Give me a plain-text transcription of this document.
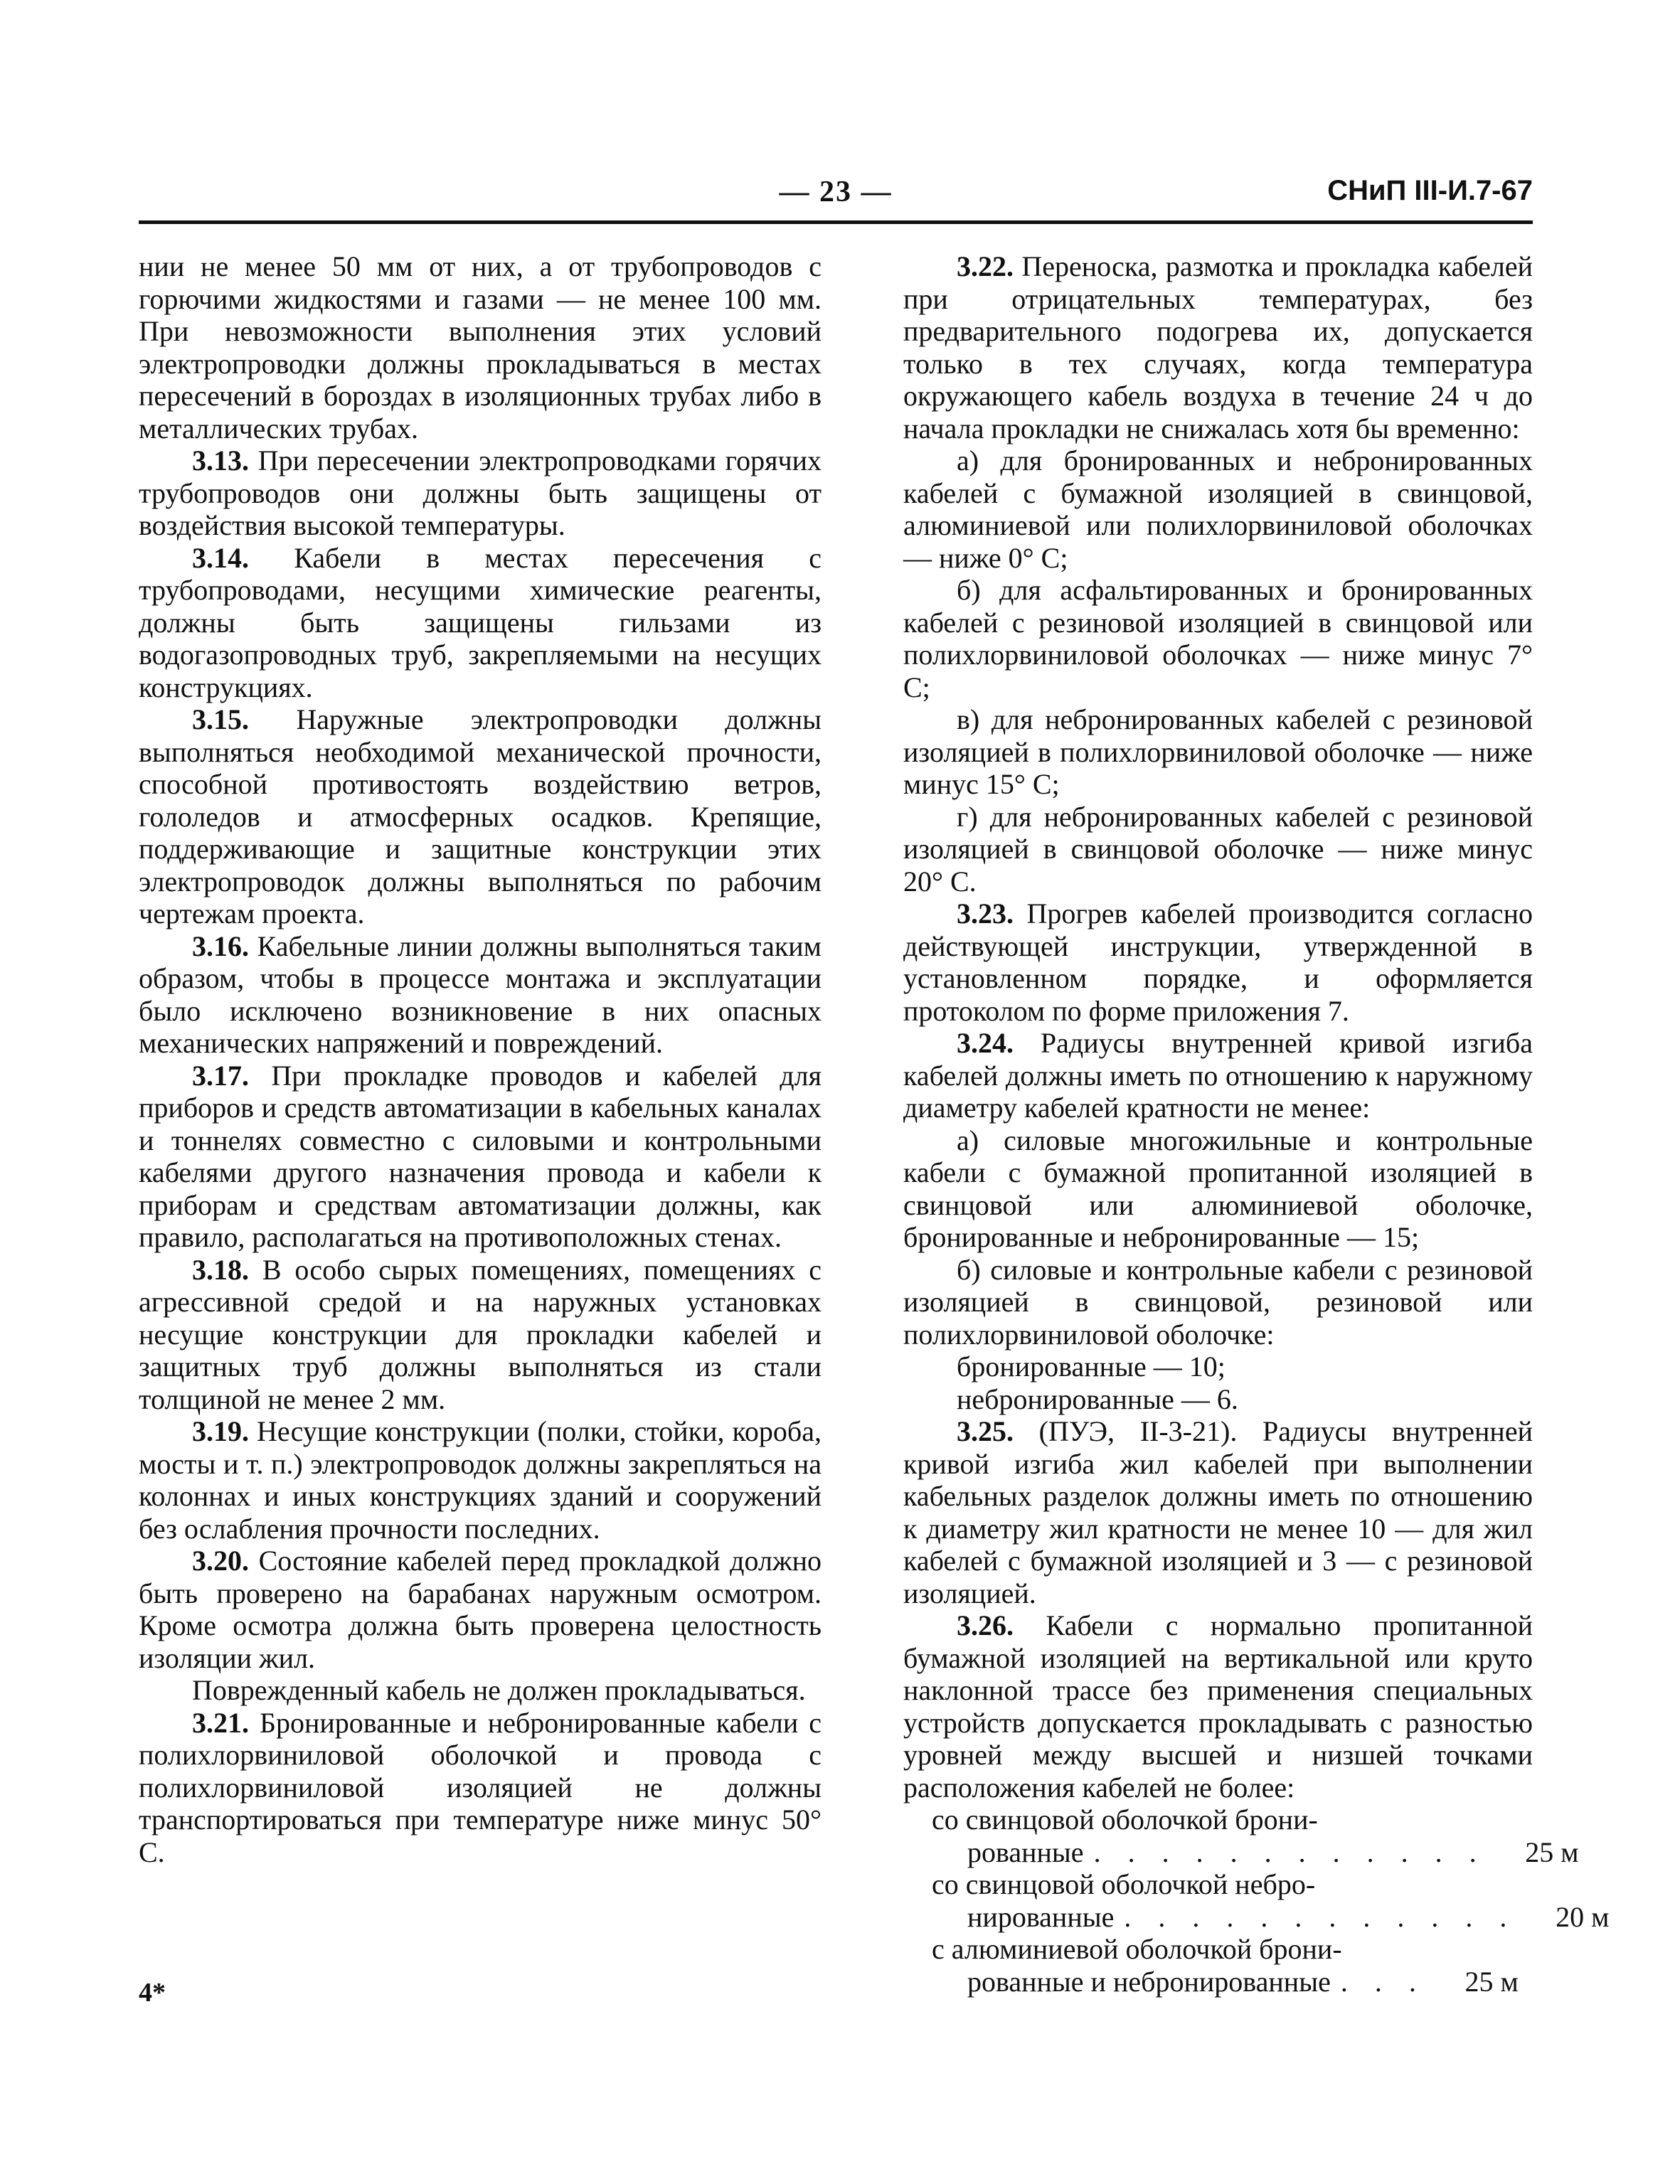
— 23 —	СНиП III-И.7-67

нии не менее 50 мм от них, а от трубопроводов с горючими жидкостями и газами — не менее 100 мм. При невозможности выполнения этих условий электропроводки должны прокладываться в местах пересечений в бороздах в изоляционных трубах либо в металлических трубах.

3.13. При пересечении электропроводками горячих трубопроводов они должны быть защищены от воздействия высокой температуры.

3.14. Кабели в местах пересечения с трубопроводами, несущими химические реагенты, должны быть защищены гильзами из водогазопроводных труб, закрепляемыми на несущих конструкциях.

3.15. Наружные электропроводки должны выполняться необходимой механической прочности, способной противостоять воздействию ветров, гололедов и атмосферных осадков. Крепящие, поддерживающие и защитные конструкции этих электропроводок должны выполняться по рабочим чертежам проекта.

3.16. Кабельные линии должны выполняться таким образом, чтобы в процессе монтажа и эксплуатации было исключено возникновение в них опасных механических напряжений и повреждений.

3.17. При прокладке проводов и кабелей для приборов и средств автоматизации в кабельных каналах и тоннелях совместно с силовыми и контрольными кабелями другого назначения провода и кабели к приборам и средствам автоматизации должны, как правило, располагаться на противоположных стенах.

3.18. В особо сырых помещениях, помещениях с агрессивной средой и на наружных установках несущие конструкции для прокладки кабелей и защитных труб должны выполняться из стали толщиной не менее 2 мм.

3.19. Несущие конструкции (полки, стойки, короба, мосты и т. п.) электропроводок должны закрепляться на колоннах и иных конструкциях зданий и сооружений без ослабления прочности последних.

3.20. Состояние кабелей перед прокладкой должно быть проверено на барабанах наружным осмотром. Кроме осмотра должна быть проверена целостность изоляции жил.

Поврежденный кабель не должен прокладываться.

3.21. Бронированные и небронированные кабели с полихлорвиниловой оболочкой и провода с полихлорвиниловой изоляцией не должны транспортироваться при температуре ниже минус 50° С.

3.22. Переноска, размотка и прокладка кабелей при отрицательных температурах, без предварительного подогрева их, допускается только в тех случаях, когда температура окружающего кабель воздуха в течение 24 ч до начала прокладки не снижалась хотя бы временно:

а) для бронированных и небронированных кабелей с бумажной изоляцией в свинцовой, алюминиевой или полихлорвиниловой оболочках — ниже 0° С;

б) для асфальтированных и бронированных кабелей с резиновой изоляцией в свинцовой или полихлорвиниловой оболочках — ниже минус 7° С;

в) для небронированных кабелей с резиновой изоляцией в полихлорвиниловой оболочке — ниже минус 15° С;

г) для небронированных кабелей с резиновой изоляцией в свинцовой оболочке — ниже минус 20° С.

3.23. Прогрев кабелей производится согласно действующей инструкции, утвержденной в установленном порядке, и оформляется протоколом по форме приложения 7.

3.24. Радиусы внутренней кривой изгиба кабелей должны иметь по отношению к наружному диаметру кабелей кратности не менее:

а) силовые многожильные и контрольные кабели с бумажной пропитанной изоляцией в свинцовой или алюминиевой оболочке, бронированные и небронированные — 15;

б) силовые и контрольные кабели с резиновой изоляцией в свинцовой, резиновой или полихлорвиниловой оболочке:

бронированные — 10;

небронированные — 6.

3.25. (ПУЭ, II-3-21). Радиусы внутренней кривой изгиба жил кабелей при выполнении кабельных разделок должны иметь по отношению к диаметру жил кратности не менее 10 — для жил кабелей с бумажной изоляцией и 3 — с резиновой изоляцией.

3.26. Кабели с нормально пропитанной бумажной изоляцией на вертикальной или круто наклонной трассе без применения специальных устройств допускается прокладывать с разностью уровней между высшей и низшей точками расположения кабелей не более:

со свинцовой оболочкой брони-
рованные . . . . . . . . . . . .	25 м
со свинцовой оболочкой небро-
нированные . . . . . . . . . . . .	20 м
с алюминиевой оболочкой брони-
рованные и небронированные . . .	25 м
4*
